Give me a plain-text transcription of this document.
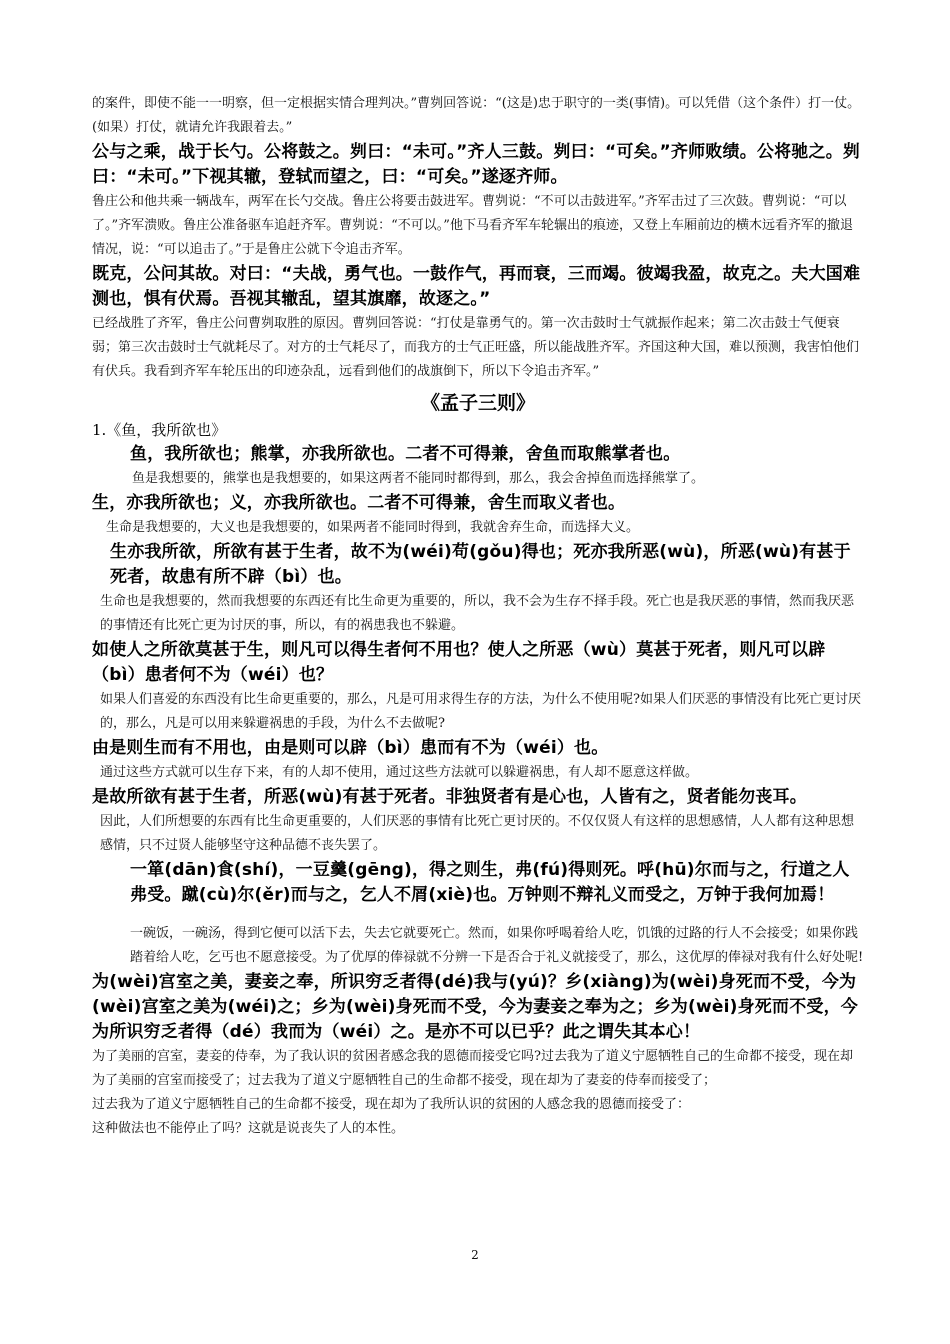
的案件，即使不能一一明察，但一定根据实情合理判决。”曹刿回答说：“(这是)忠于职守的一类(事情)。可以凭借（这个条件）打一仗。(如果）打仗，就请允许我跟着去。”

公与之乘，战于长勺。公将鼓之。刿曰：“未可。”齐人三鼓。刿曰：“可矣。”齐师败绩。公将驰之。刿曰：“未可。”下视其辙，登轼而望之，曰：“可矣。”遂逐齐师。

鲁庄公和他共乘一辆战车，两军在长勺交战。鲁庄公将要击鼓进军。曹刿说：“不可以击鼓进军。”齐军击过了三次鼓。曹刿说：“可以了。”齐军溃败。鲁庄公准备驱车追赶齐军。曹刿说：“不可以。”他下马看齐军车轮辗出的痕迹，又登上车厢前边的横木远看齐军的撤退情况，说：“可以追击了。”于是鲁庄公就下令追击齐军。

既克，公问其故。对曰：“夫战，勇气也。一鼓作气，再而衰，三而竭。彼竭我盈，故克之。夫大国难测也，惧有伏焉。吾视其辙乱，望其旗靡，故逐之。”

已经战胜了齐军，鲁庄公问曹刿取胜的原因。曹刿回答说：“打仗是靠勇气的。第一次击鼓时士气就振作起来；第二次击鼓士气便衰弱；第三次击鼓时士气就耗尽了。对方的士气耗尽了，而我方的士气正旺盛，所以能战胜齐军。齐国这种大国，难以预测，我害怕他们有伏兵。我看到齐军车轮压出的印迹杂乱，远看到他们的战旗倒下，所以下令追击齐军。”

《孟子三则》

1.《鱼，我所欲也》

鱼，我所欲也；熊掌，亦我所欲也。二者不可得兼，舍鱼而取熊掌者也。

鱼是我想要的，熊掌也是我想要的，如果这两者不能同时都得到，那么，我会舍掉鱼而选择熊掌了。

生，亦我所欲也；义，亦我所欲也。二者不可得兼，舍生而取义者也。

生命是我想要的，大义也是我想要的，如果两者不能同时得到，我就舍弃生命，而选择大义。

生亦我所欲，所欲有甚于生者，故不为(wéi)苟(gǒu)得也；死亦我所恶(wù)，所恶(wù)有甚于死者，故患有所不辟（bì）也。

生命也是我想要的，然而我想要的东西还有比生命更为重要的，所以，我不会为生存不择手段。死亡也是我厌恶的事情，然而我厌恶的事情还有比死亡更为讨厌的事，所以，有的祸患我也不躲避。

如使人之所欲莫甚于生，则凡可以得生者何不用也？使人之所恶（wù）莫甚于死者，则凡可以辟（bì）患者何不为（wéi）也？

如果人们喜爱的东西没有比生命更重要的，那么，凡是可用求得生存的方法，为什么不使用呢?如果人们厌恶的事情没有比死亡更讨厌的，那么，凡是可以用来躲避祸患的手段，为什么不去做呢?

由是则生而有不用也，由是则可以辟（bì）患而有不为（wéi）也。

通过这些方式就可以生存下来，有的人却不使用，通过这些方法就可以躲避祸患，有人却不愿意这样做。

是故所欲有甚于生者，所恶(wù)有甚于死者。非独贤者有是心也，人皆有之，贤者能勿丧耳。

因此，人们所想要的东西有比生命更重要的，人们厌恶的事情有比死亡更讨厌的。不仅仅贤人有这样的思想感情，人人都有这种思想感情，只不过贤人能够坚守这种品德不丧失罢了。

一箪(dān)食(shí)，一豆羹(gēng)，得之则生，弗(fú)得则死。呼(hū)尔而与之，行道之人弗受。蹴(cù)尔(ěr)而与之，乞人不屑(xiè)也。万钟则不辩礼义而受之，万钟于我何加焉！

一碗饭，一碗汤，得到它便可以活下去，失去它就要死亡。然而，如果你呼喝着给人吃，饥饿的过路的行人不会接受；如果你践踏着给人吃，乞丐也不愿意接受。为了优厚的俸禄就不分辨一下是否合于礼义就接受了，那么，这优厚的俸禄对我有什么好处呢!

为(wèi)宫室之美，妻妾之奉，所识穷乏者得(dé)我与(yú)？乡(xiàng)为(wèi)身死而不受，今为(wèi)宫室之美为(wéi)之；乡为(wèi)身死而不受，今为妻妾之奉为之；乡为(wèi)身死而不受，今为所识穷乏者得（dé）我而为（wéi）之。是亦不可以已乎？此之谓失其本心！

为了美丽的宫室，妻妾的侍奉，为了我认识的贫困者感念我的恩德而接受它吗?过去我为了道义宁愿牺牲自己的生命都不接受，现在却为了美丽的宫室而接受了；过去我为了道义宁愿牺牲自己的生命都不接受，现在却为了妻妾的侍奉而接受了；

过去我为了道义宁愿牺牲自己的生命都不接受，现在却为了我所认识的贫困的人感念我的恩德而接受了：

这种做法也不能停止了吗？这就是说丧失了人的本性。

2
